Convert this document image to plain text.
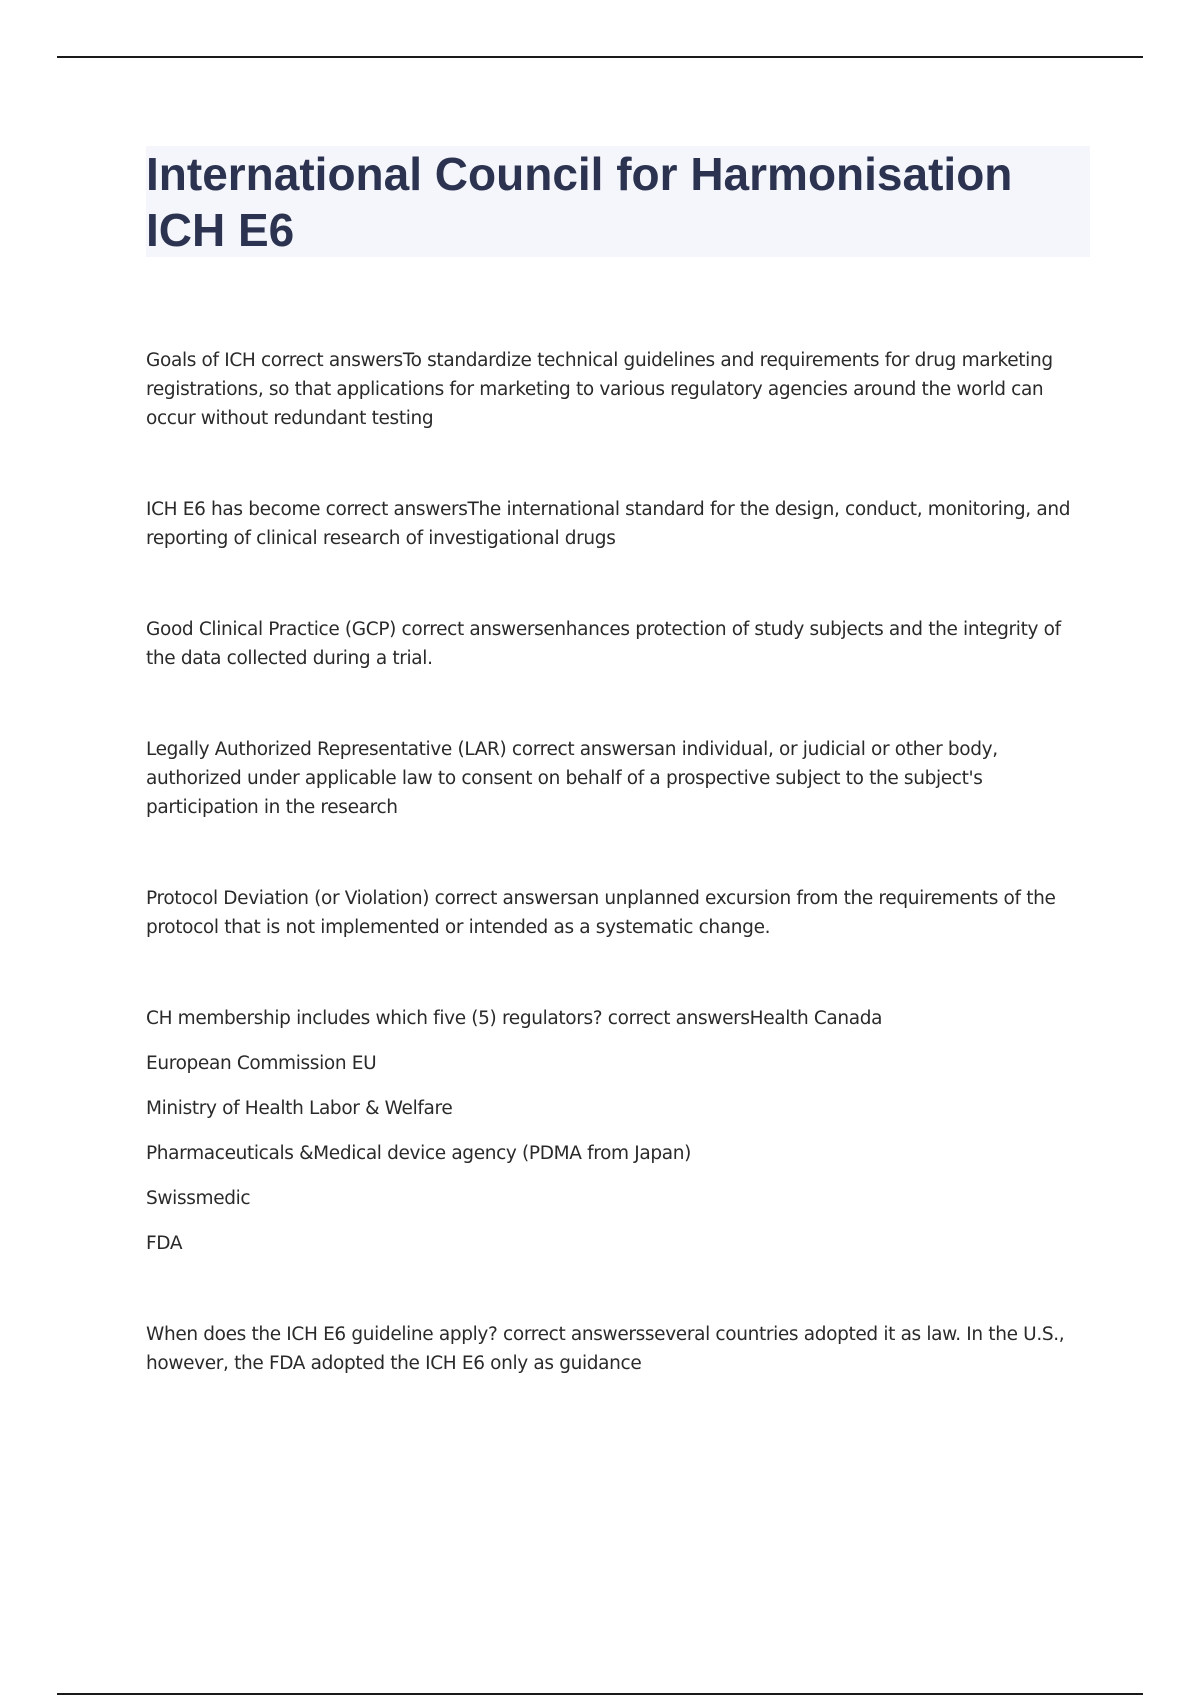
International Council for Harmonisation
ICH E6

Goals of ICH correct answersTo standardize technical guidelines and requirements for drug marketing registrations, so that applications for marketing to various regulatory agencies around the world can occur without redundant testing

ICH E6 has become correct answersThe international standard for the design, conduct, monitoring, and reporting of clinical research of investigational drugs

Good Clinical Practice (GCP) correct answersenhances protection of study subjects and the integrity of the data collected during a trial.

Legally Authorized Representative (LAR) correct answersan individual, or judicial or other body, authorized under applicable law to consent on behalf of a prospective subject to the subject's participation in the research

Protocol Deviation (or Violation) correct answersan unplanned excursion from the requirements of the protocol that is not implemented or intended as a systematic change.

CH membership includes which five (5) regulators? correct answersHealth Canada

European Commission EU

Ministry of Health Labor & Welfare

Pharmaceuticals &Medical device agency (PDMA from Japan)

Swissmedic

FDA

When does the ICH E6 guideline apply? correct answersseveral countries adopted it as law. In the U.S., however, the FDA adopted the ICH E6 only as guidance
